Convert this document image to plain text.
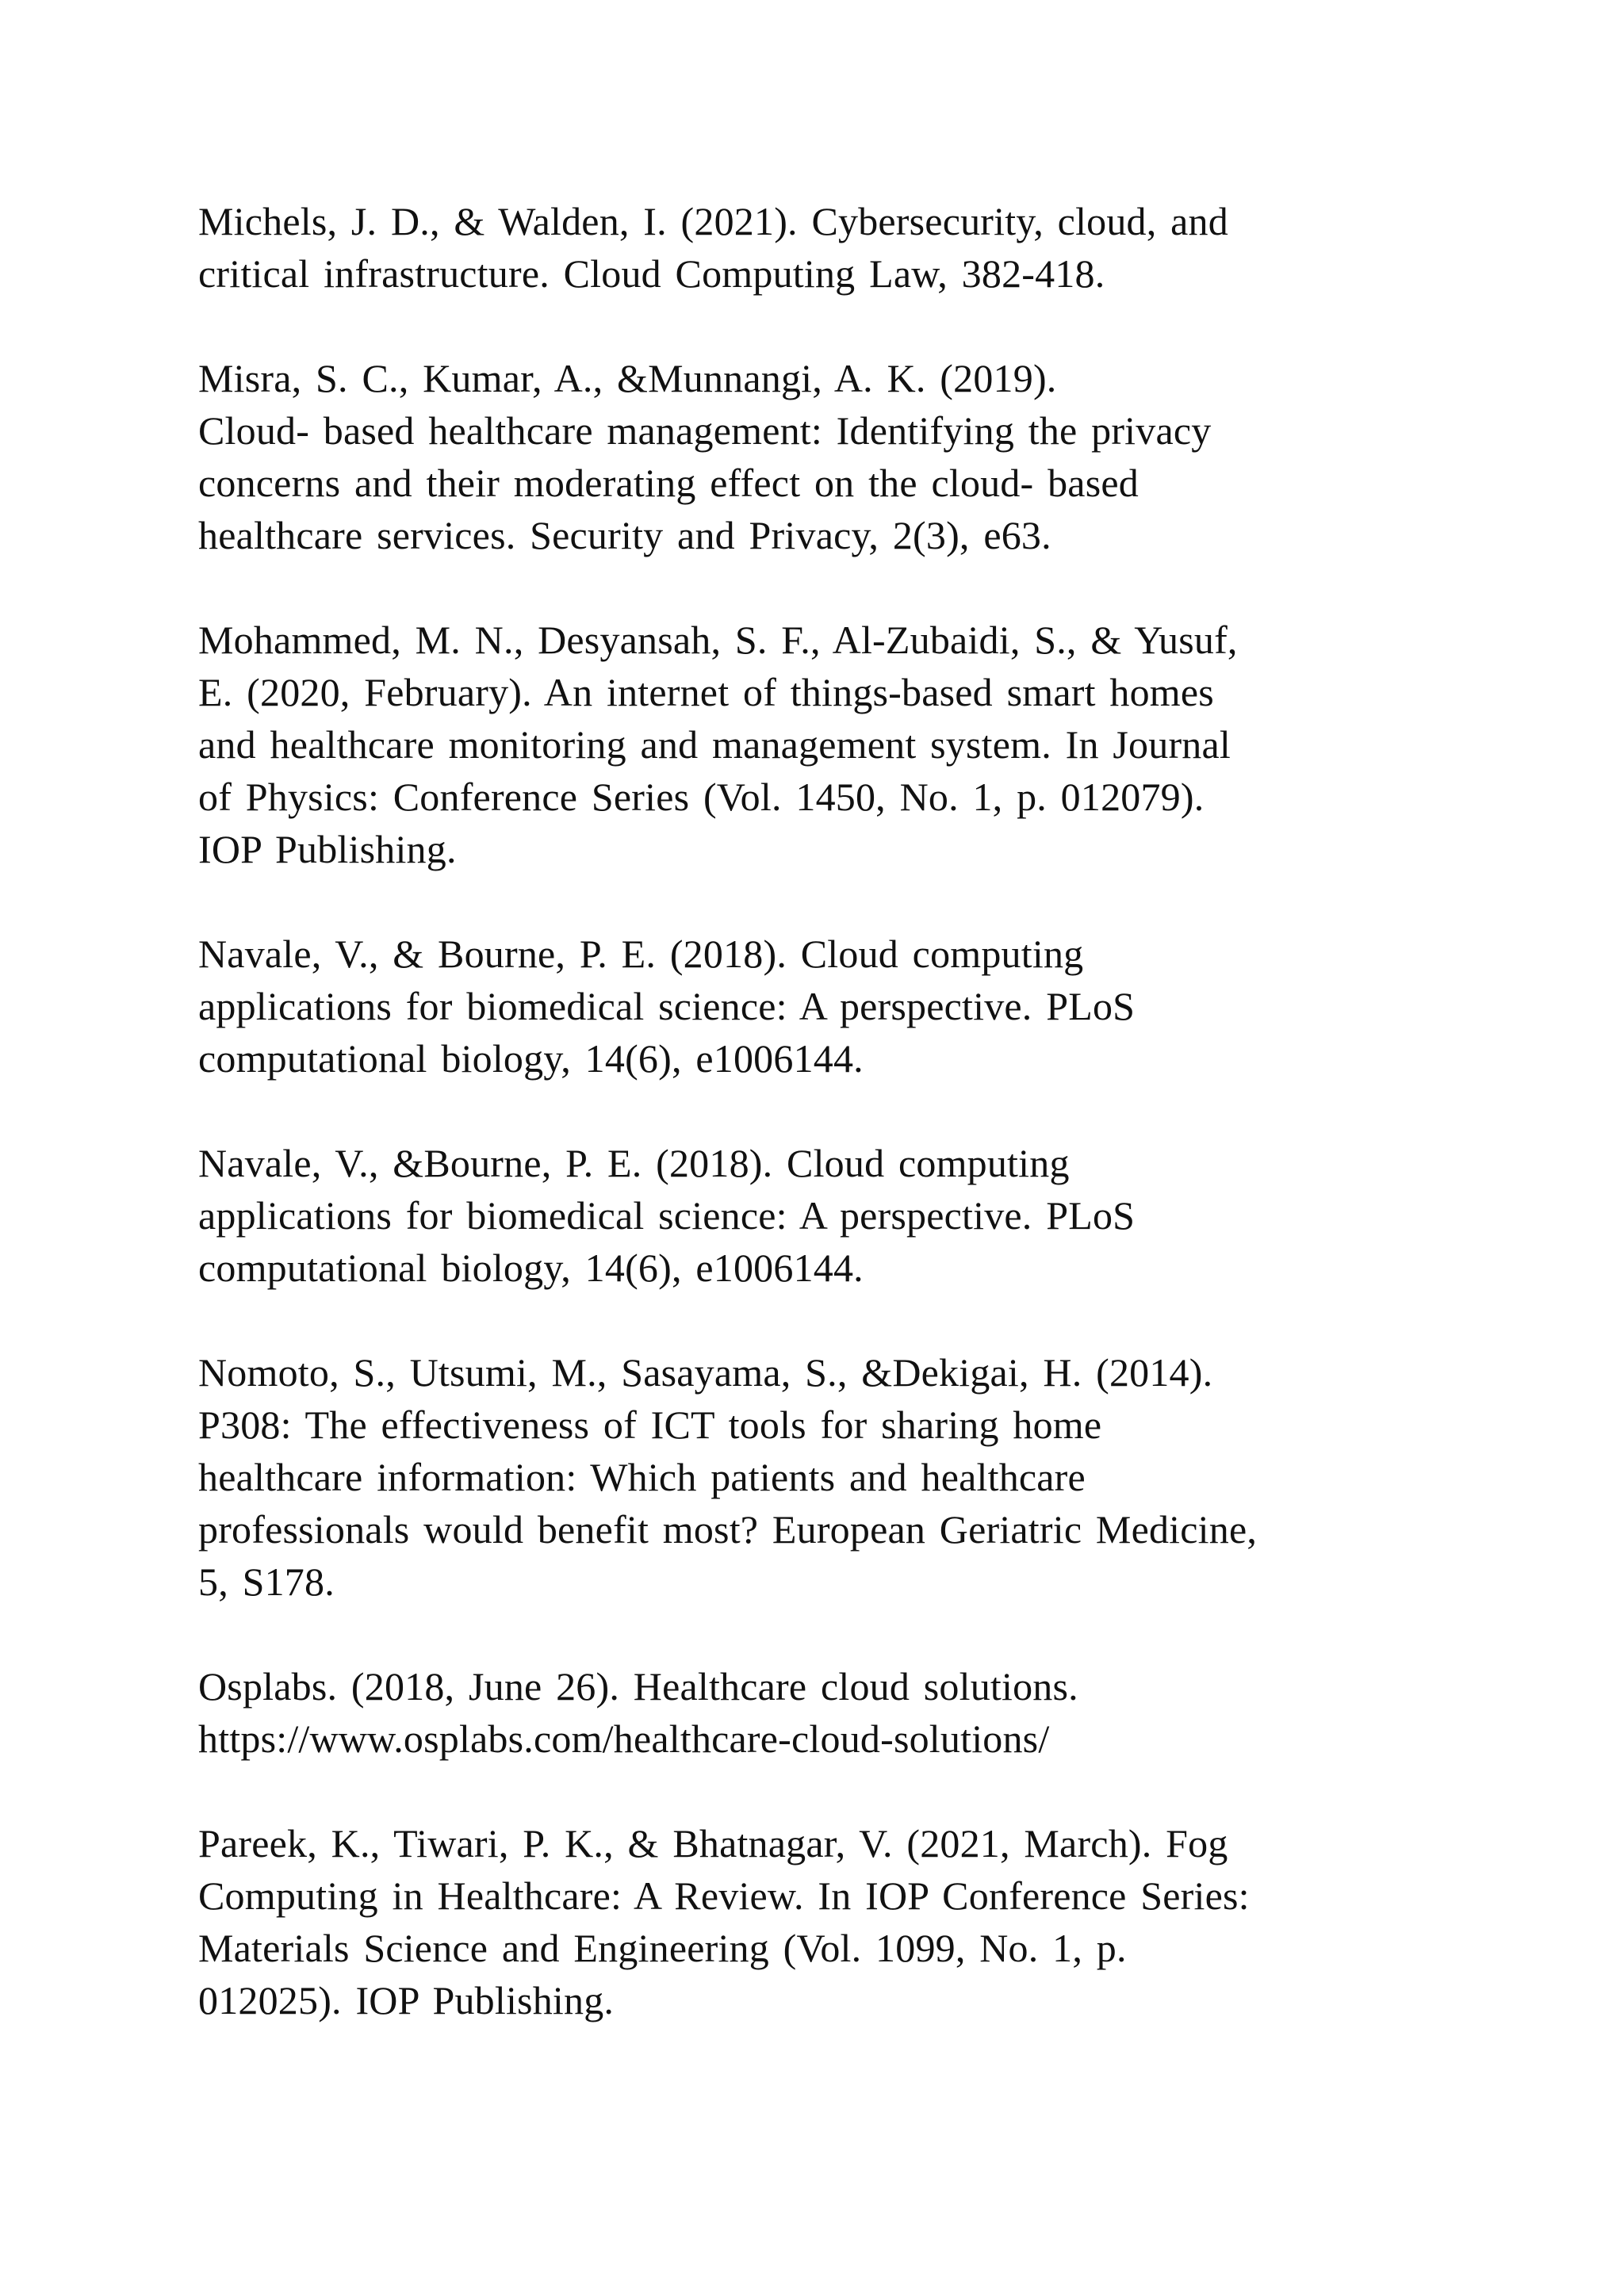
Michels, J. D., & Walden, I. (2021). Cybersecurity, cloud, and
critical infrastructure. Cloud Computing Law, 382-418.
Misra, S. C., Kumar, A., &Munnangi, A. K. (2019).
Cloud- based healthcare management: Identifying the privacy
concerns and their moderating effect on the cloud- based
healthcare services. Security and Privacy, 2(3), e63.
Mohammed, M. N., Desyansah, S. F., Al-Zubaidi, S., & Yusuf,
E. (2020, February). An internet of things-based smart homes
and healthcare monitoring and management system. In Journal
of Physics: Conference Series (Vol. 1450, No. 1, p. 012079).
IOP Publishing.
Navale, V., & Bourne, P. E. (2018). Cloud computing
applications for biomedical science: A perspective. PLoS
computational biology, 14(6), e1006144.
Navale, V., &Bourne, P. E. (2018). Cloud computing
applications for biomedical science: A perspective. PLoS
computational biology, 14(6), e1006144.
Nomoto, S., Utsumi, M., Sasayama, S., &Dekigai, H. (2014).
P308: The effectiveness of ICT tools for sharing home
healthcare information: Which patients and healthcare
professionals would benefit most? European Geriatric Medicine,
5, S178.
Osplabs. (2018, June 26). Healthcare cloud solutions.
https://www.osplabs.com/healthcare-cloud-solutions/
Pareek, K., Tiwari, P. K., & Bhatnagar, V. (2021, March). Fog
Computing in Healthcare: A Review. In IOP Conference Series:
Materials Science and Engineering (Vol. 1099, No. 1, p.
012025). IOP Publishing.
